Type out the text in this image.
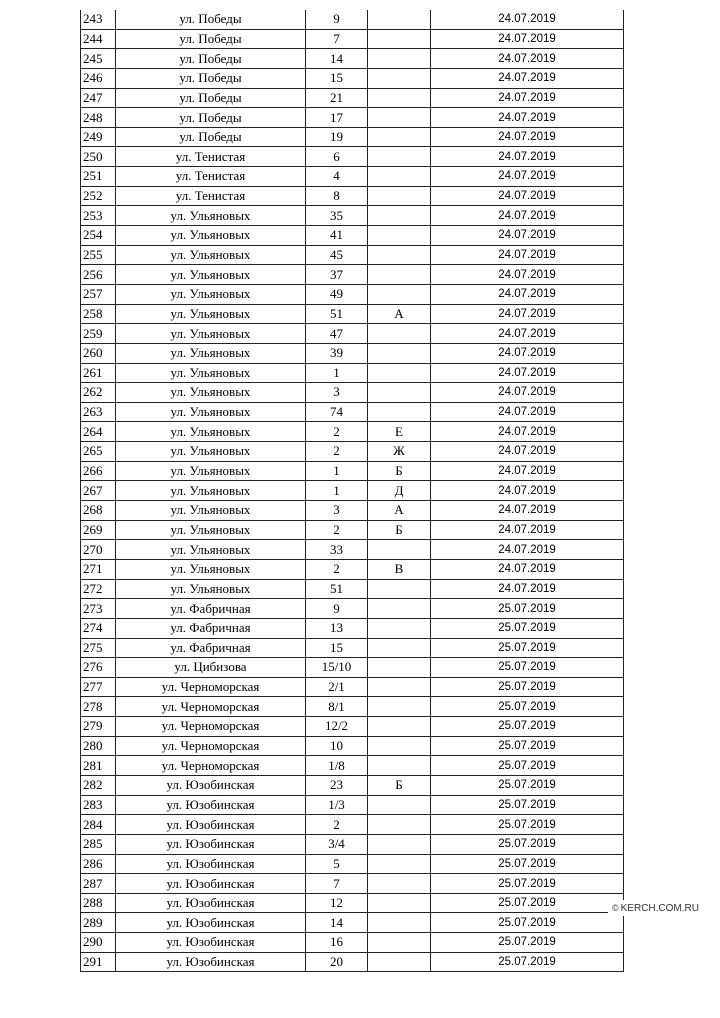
243	ул. Победы	9		24.07.2019
244	ул. Победы	7		24.07.2019
245	ул. Победы	14		24.07.2019
246	ул. Победы	15		24.07.2019
247	ул. Победы	21		24.07.2019
248	ул. Победы	17		24.07.2019
249	ул. Победы	19		24.07.2019
250	ул. Тенистая	6		24.07.2019
251	ул. Тенистая	4		24.07.2019
252	ул. Тенистая	8		24.07.2019
253	ул. Ульяновых	35		24.07.2019
254	ул. Ульяновых	41		24.07.2019
255	ул. Ульяновых	45		24.07.2019
256	ул. Ульяновых	37		24.07.2019
257	ул. Ульяновых	49		24.07.2019
258	ул. Ульяновых	51	А	24.07.2019
259	ул. Ульяновых	47		24.07.2019
260	ул. Ульяновых	39		24.07.2019
261	ул. Ульяновых	1		24.07.2019
262	ул. Ульяновых	3		24.07.2019
263	ул. Ульяновых	74		24.07.2019
264	ул. Ульяновых	2	Е	24.07.2019
265	ул. Ульяновых	2	Ж	24.07.2019
266	ул. Ульяновых	1	Б	24.07.2019
267	ул. Ульяновых	1	Д	24.07.2019
268	ул. Ульяновых	3	А	24.07.2019
269	ул. Ульяновых	2	Б	24.07.2019
270	ул. Ульяновых	33		24.07.2019
271	ул. Ульяновых	2	В	24.07.2019
272	ул. Ульяновых	51		24.07.2019
273	ул. Фабричная	9		25.07.2019
274	ул. Фабричная	13		25.07.2019
275	ул. Фабричная	15		25.07.2019
276	ул. Цибизова	15/10		25.07.2019
277	ул. Черноморская	2/1		25.07.2019
278	ул. Черноморская	8/1		25.07.2019
279	ул. Черноморская	12/2		25.07.2019
280	ул. Черноморская	10		25.07.2019
281	ул. Черноморская	1/8		25.07.2019
282	ул. Юзобинская	23	Б	25.07.2019
283	ул. Юзобинская	1/3		25.07.2019
284	ул. Юзобинская	2		25.07.2019
285	ул. Юзобинская	3/4		25.07.2019
286	ул. Юзобинская	5		25.07.2019
287	ул. Юзобинская	7		25.07.2019
288	ул. Юзобинская	12		25.07.2019
289	ул. Юзобинская	14		25.07.2019
290	ул. Юзобинская	16		25.07.2019
291	ул. Юзобинская	20		25.07.2019
© KERCH.COM.RU
